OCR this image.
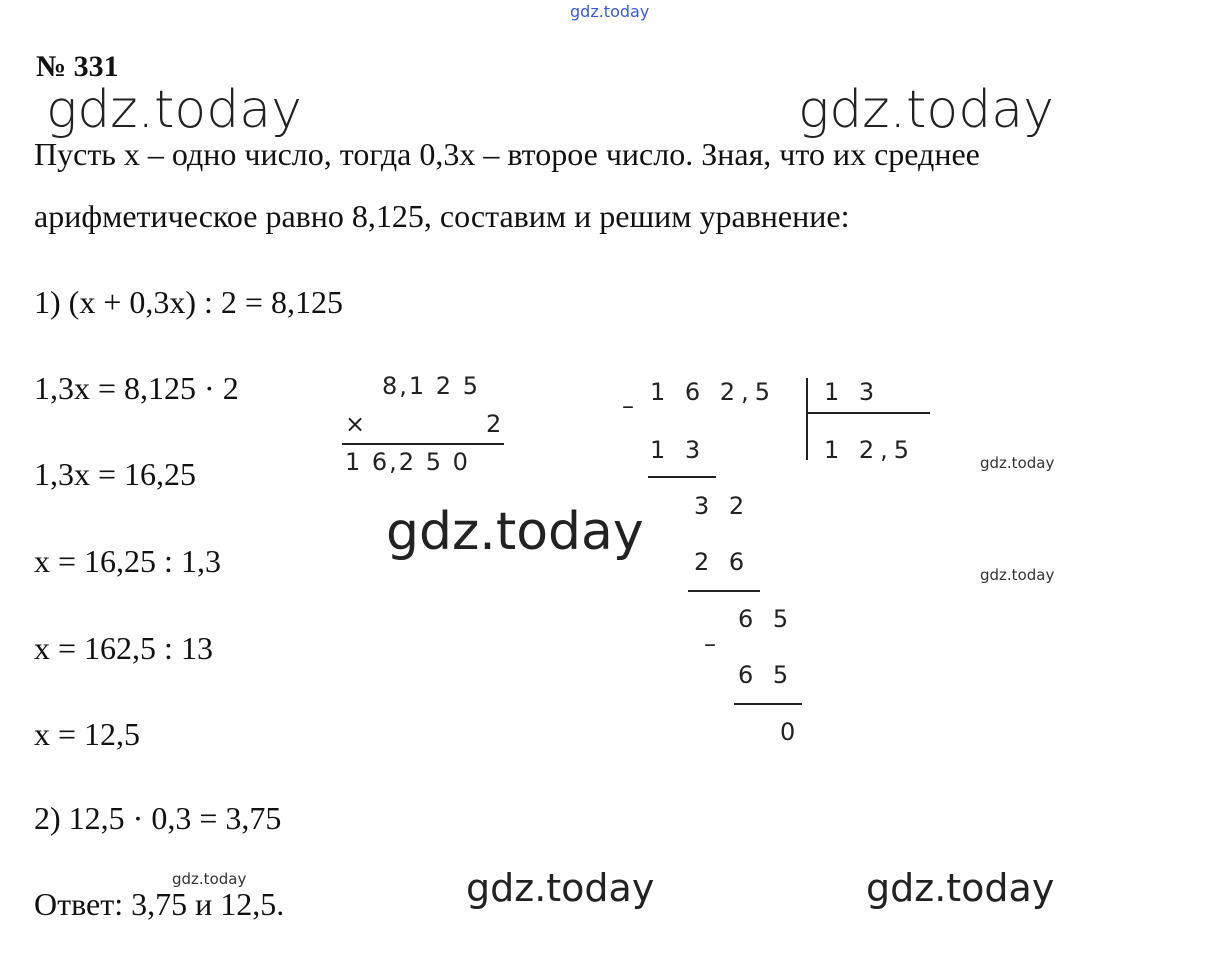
gdz.today
№ 331
gdz.today	gdz.today
Пусть х – одно число, тогда 0,3х – второе число. Зная, что их среднее
арифметическое равно 8,125, составим и решим уравнение:
1) (х + 0,3х) : 2 = 8,125
1,3х = 8,125 · 2
1,3х = 16,25
х = 16,25 : 1,3
х = 162,5 : 13
х = 12,5
2) 12,5 · 0,3 = 3,75
Ответ: 3,75 и 12,5.
8,1 2 5
×	2
1 6,2 5 0
gdz.today
– 1 6 2,5 1 3
1 2,5
1 3
3 2
2 6
6 5
–
6 5
0
gdz.today
gdz.today
gdz.today	gdz.today	gdz.today
